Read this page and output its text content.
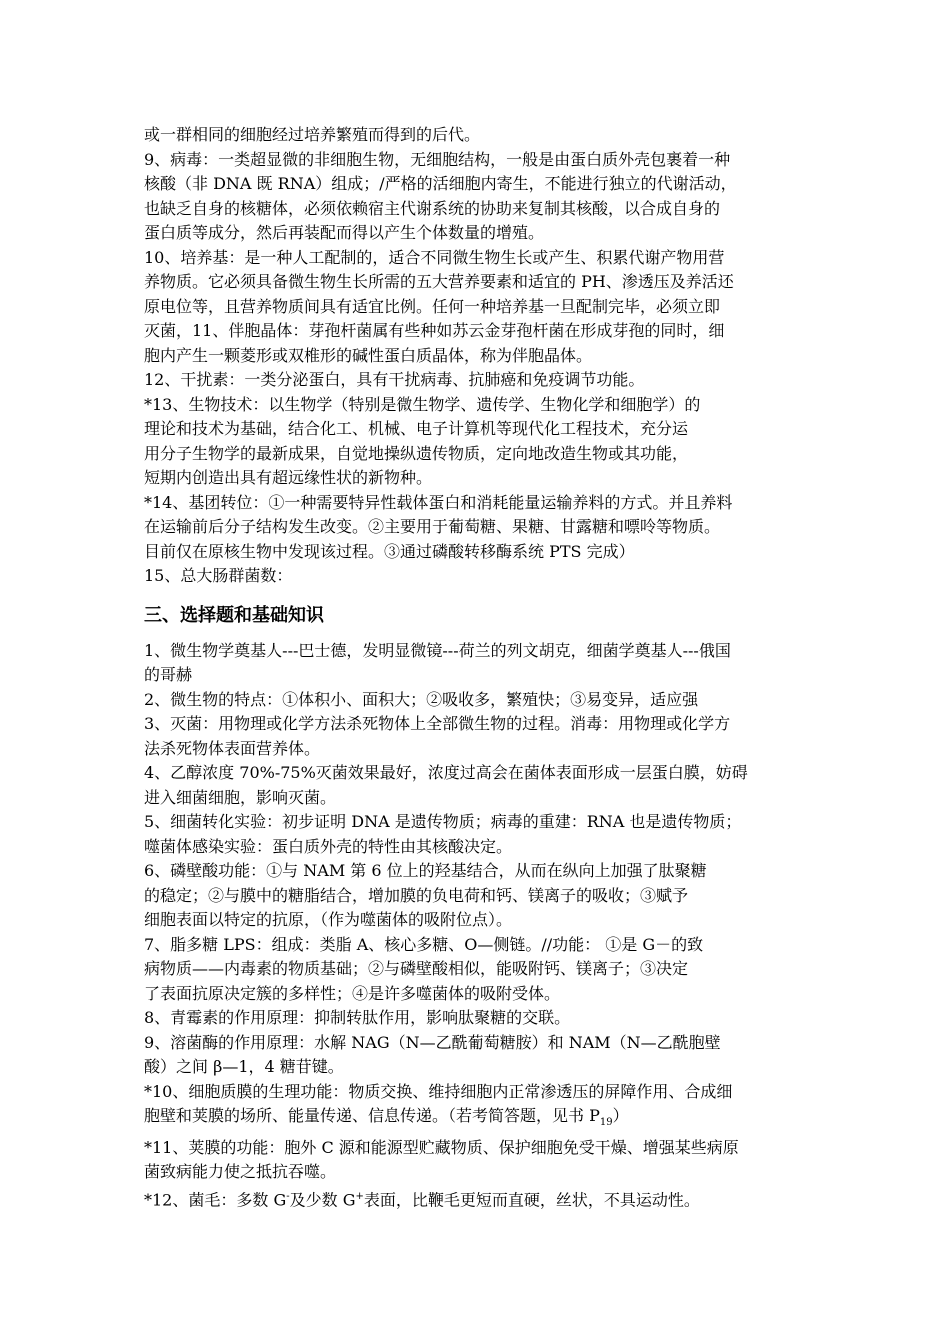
或一群相同的细胞经过培养繁殖而得到的后代。

9、病毒：一类超显微的非细胞生物，无细胞结构，一般是由蛋白质外壳包裹着一种
核酸（非 DNA 既 RNA）组成；/严格的活细胞内寄生，不能进行独立的代谢活动，
也缺乏自身的核糖体，必须依赖宿主代谢系统的协助来复制其核酸，以合成自身的
蛋白质等成分，然后再装配而得以产生个体数量的增殖。

10、培养基：是一种人工配制的，适合不同微生物生长或产生、积累代谢产物用营
养物质。它必须具备微生物生长所需的五大营养要素和适宜的 PH、渗透压及养活还
原电位等，且营养物质间具有适宜比例。任何一种培养基一旦配制完毕，必须立即
灭菌，11、伴胞晶体：芽孢杆菌属有些种如苏云金芽孢杆菌在形成芽孢的同时，细
胞内产生一颗菱形或双椎形的碱性蛋白质晶体，称为伴胞晶体。

12、干扰素：一类分泌蛋白，具有干扰病毒、抗肺癌和免疫调节功能。

*13、生物技术：以生物学（特别是微生物学、遗传学、生物化学和细胞学）的
理论和技术为基础，结合化工、机械、电子计算机等现代化工程技术，充分运
用分子生物学的最新成果，自觉地操纵遗传物质，定向地改造生物或其功能，
短期内创造出具有超远缘性状的新物种。

*14、基团转位：①一种需要特异性载体蛋白和消耗能量运输养料的方式。并且养料
在运输前后分子结构发生改变。②主要用于葡萄糖、果糖、甘露糖和嘌呤等物质。
目前仅在原核生物中发现该过程。③通过磷酸转移酶系统 PTS 完成）

15、总大肠群菌数：

三、选择题和基础知识

1、微生物学奠基人---巴士德，发明显微镜---荷兰的列文胡克，细菌学奠基人---俄国
的哥赫

2、微生物的特点：①体积小、面积大；②吸收多，繁殖快；③易变异，适应强

3、灭菌：用物理或化学方法杀死物体上全部微生物的过程。消毒：用物理或化学方
法杀死物体表面营养体。

4、乙醇浓度 70%-75%灭菌效果最好，浓度过高会在菌体表面形成一层蛋白膜，妨碍
进入细菌细胞，影响灭菌。

5、细菌转化实验：初步证明 DNA 是遗传物质；病毒的重建：RNA 也是遗传物质；
噬菌体感染实验：蛋白质外壳的特性由其核酸决定。

6、磷壁酸功能：①与 NAM 第 6 位上的羟基结合，从而在纵向上加强了肽聚糖
的稳定；②与膜中的糖脂结合，增加膜的负电荷和钙、镁离子的吸收；③赋予
细胞表面以特定的抗原，（作为噬菌体的吸附位点）。

7、脂多糖 LPS：组成：类脂 A、核心多糖、O—侧链。//功能： ①是 G－的致
病物质——内毒素的物质基础；②与磷壁酸相似，能吸附钙、镁离子；③决定
了表面抗原决定簇的多样性；④是许多噬菌体的吸附受体。

8、青霉素的作用原理：抑制转肽作用，影响肽聚糖的交联。

9、溶菌酶的作用原理：水解 NAG（N—乙酰葡萄糖胺）和 NAM（N—乙酰胞壁
酸）之间 β—1，4 糖苷键。

*10、细胞质膜的生理功能：物质交换、维持细胞内正常渗透压的屏障作用、合成细
胞壁和荚膜的场所、能量传递、信息传递。（若考简答题，见书 $P_{19}$）

*11、荚膜的功能：胞外 C 源和能源型贮藏物质、保护细胞免受干燥、增强某些病原
菌致病能力使之抵抗吞噬。

*12、菌毛：多数 G-及少数 G+表面，比鞭毛更短而直硬，丝状，不具运动性。
